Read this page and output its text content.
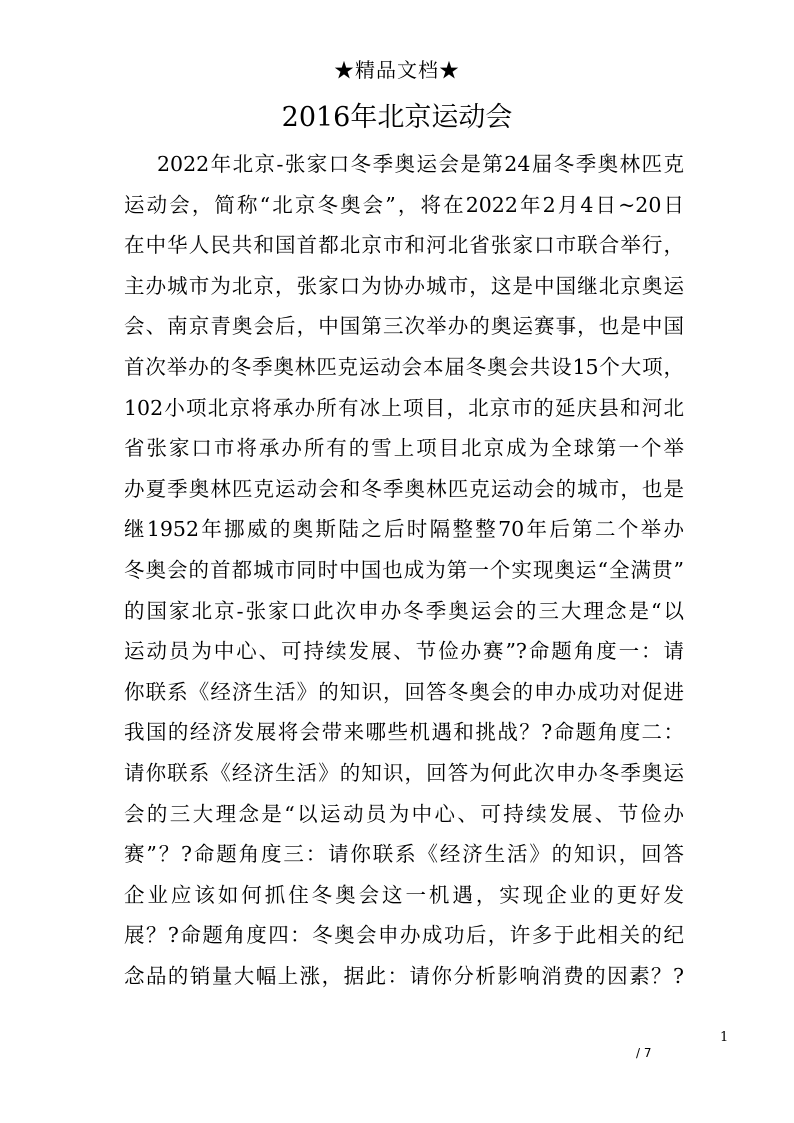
★精品文档★
2016年北京运动会
2022年北京-张家口冬季奥运会是第24届冬季奥林匹克
运动会，简称“北京冬奥会”，将在2022年2月4日~20日
在中华人民共和国首都北京市和河北省张家口市联合举行，
主办城市为北京，张家口为协办城市，这是中国继北京奥运
会、南京青奥会后，中国第三次举办的奥运赛事，也是中国
首次举办的冬季奥林匹克运动会本届冬奥会共设15个大项，
102小项北京将承办所有冰上项目，北京市的延庆县和河北
省张家口市将承办所有的雪上项目北京成为全球第一个举
办夏季奥林匹克运动会和冬季奥林匹克运动会的城市，也是
继1952年挪威的奥斯陆之后时隔整整70年后第二个举办
冬奥会的首都城市同时中国也成为第一个实现奥运“全满贯”
的国家北京-张家口此次申办冬季奥运会的三大理念是“以
运动员为中心、可持续发展、节俭办赛”?命题角度一：请
你联系《经济生活》的知识，回答冬奥会的申办成功对促进
我国的经济发展将会带来哪些机遇和挑战？?命题角度二：
请你联系《经济生活》的知识，回答为何此次申办冬季奥运
会的三大理念是“以运动员为中心、可持续发展、节俭办
赛”？?命题角度三：请你联系《经济生活》的知识，回答
企业应该如何抓住冬奥会这一机遇，实现企业的更好发
展？?命题角度四：冬奥会申办成功后，许多于此相关的纪
念品的销量大幅上涨，据此：请你分析影响消费的因素？?
1
/ 7
